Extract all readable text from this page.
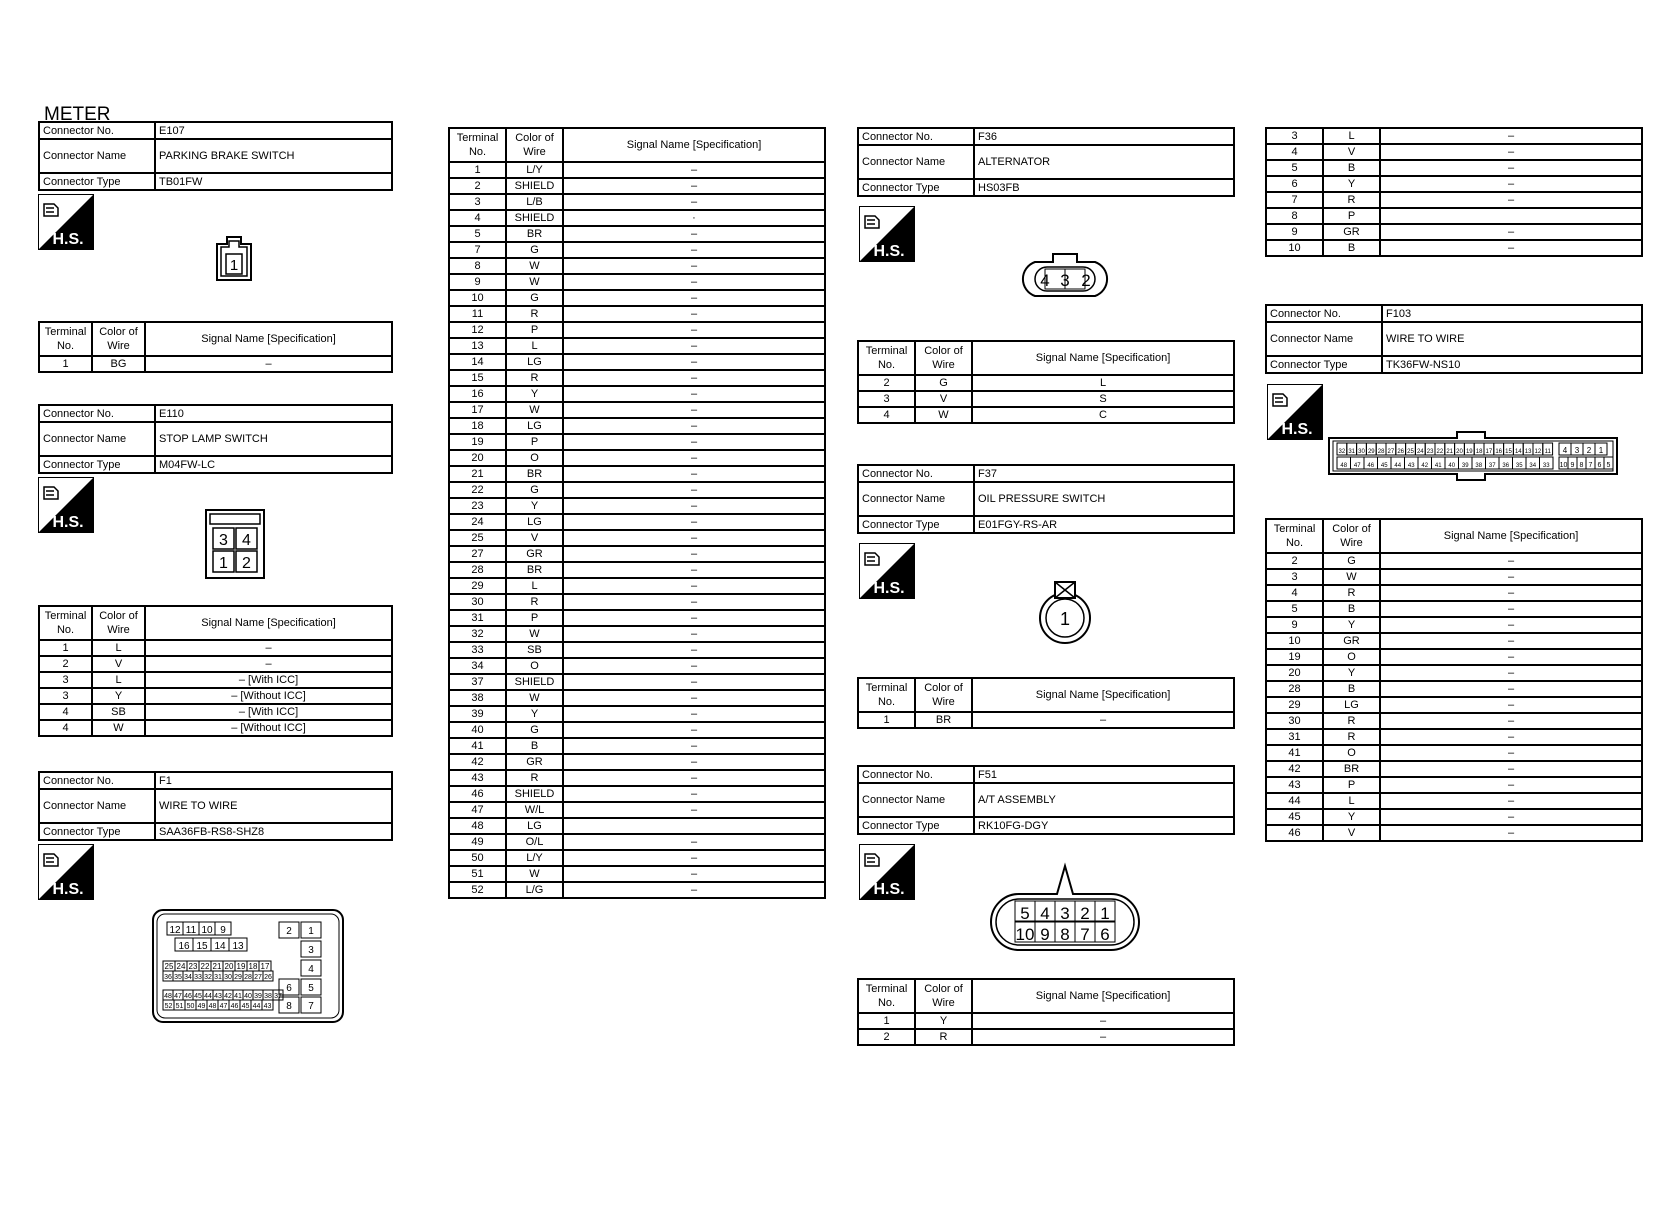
METER
Connector No.	E107
Connector Name	PARKING BRAKE SWITCH
Connector Type	TB01FW
H.S.
1
Terminal No.	Color of Wire	Signal Name [Specification]
1	BG	–
Connector No.	E110
Connector Name	STOP LAMP SWITCH
Connector Type	M04FW-LC
H.S.
3 4
1 2
Terminal No.	Color of Wire	Signal Name [Specification]
1	L	–
2	V	–
3	L	– [With ICC]
3	Y	– [Without ICC]
4	SB	– [With ICC]
4	W	– [Without ICC]
Connector No.	F1
Connector Name	WIRE TO WIRE
Connector Type	SAA36FB-RS8-SHZ8
H.S.
12 11 10 9
16 15 14 13
25 24 23 22 21 20 19 18 17
36 35 34 33 32 31 30 29 28 27 26
48 47 46 45 44 43 42 41 40 39 38 37
52 51 50 49 48 47 46 45 44 43
2 1
3
4
6 5
8 7
Terminal No.	Color of Wire	Signal Name [Specification]
1	L/Y	–
2	SHIELD	–
3	L/B	–
4	SHIELD	·
5	BR	–
7	G	–
8	W	–
9	W	–
10	G	–
11	R	–
12	P	–
13	L	–
14	LG	–
15	R	–
16	Y	–
17	W	–
18	LG	–
19	P	–
20	O	–
21	BR	–
22	G	–
23	Y	–
24	LG	–
25	V	–
27	GR	–
28	BR	–
29	L	–
30	R	–
31	P	–
32	W	–
33	SB	–
34	O	–
37	SHIELD	–
38	W	–
39	Y	–
40	G	–
41	B	–
42	GR	–
43	R	–
46	SHIELD	–
47	W/L	–
48	LG	
49	O/L	–
50	L/Y	–
51	W	–
52	L/G	–
Connector No.	F36
Connector Name	ALTERNATOR
Connector Type	HS03FB
H.S.
4 3 2
Terminal No.	Color of Wire	Signal Name [Specification]
2	G	L
3	V	S
4	W	C
Connector No.	F37
Connector Name	OIL PRESSURE SWITCH
Connector Type	E01FGY-RS-AR
H.S.
1
Terminal No.	Color of Wire	Signal Name [Specification]
1	BR	–
Connector No.	F51
Connector Name	A/T ASSEMBLY
Connector Type	RK10FG-DGY
H.S.
5 4 3 2 1
10 9 8 7 6
Terminal No.	Color of Wire	Signal Name [Specification]
1	Y	–
2	R	–
3	L	–
4	V	–
5	B	–
6	Y	–
7	R	–
8	P	
9	GR	–
10	B	–
Connector No.	F103
Connector Name	WIRE TO WIRE
Connector Type	TK36FW-NS10
H.S.
32 31 30 29 28 27 26 25 24 23 22 21 20 19 18 17 16 15 14 13 12 11 4 3 2 1
48 47 46 45 44 43 42 41 40 39 38 37 36 35 34 33 10 9 8 7 6 5
Terminal No.	Color of Wire	Signal Name [Specification]
2	G	–
3	W	–
4	R	–
5	B	–
9	Y	–
10	GR	–
19	O	–
20	Y	–
28	B	–
29	LG	–
30	R	–
31	R	–
41	O	–
42	BR	–
43	P	–
44	L	–
45	Y	–
46	V	–
